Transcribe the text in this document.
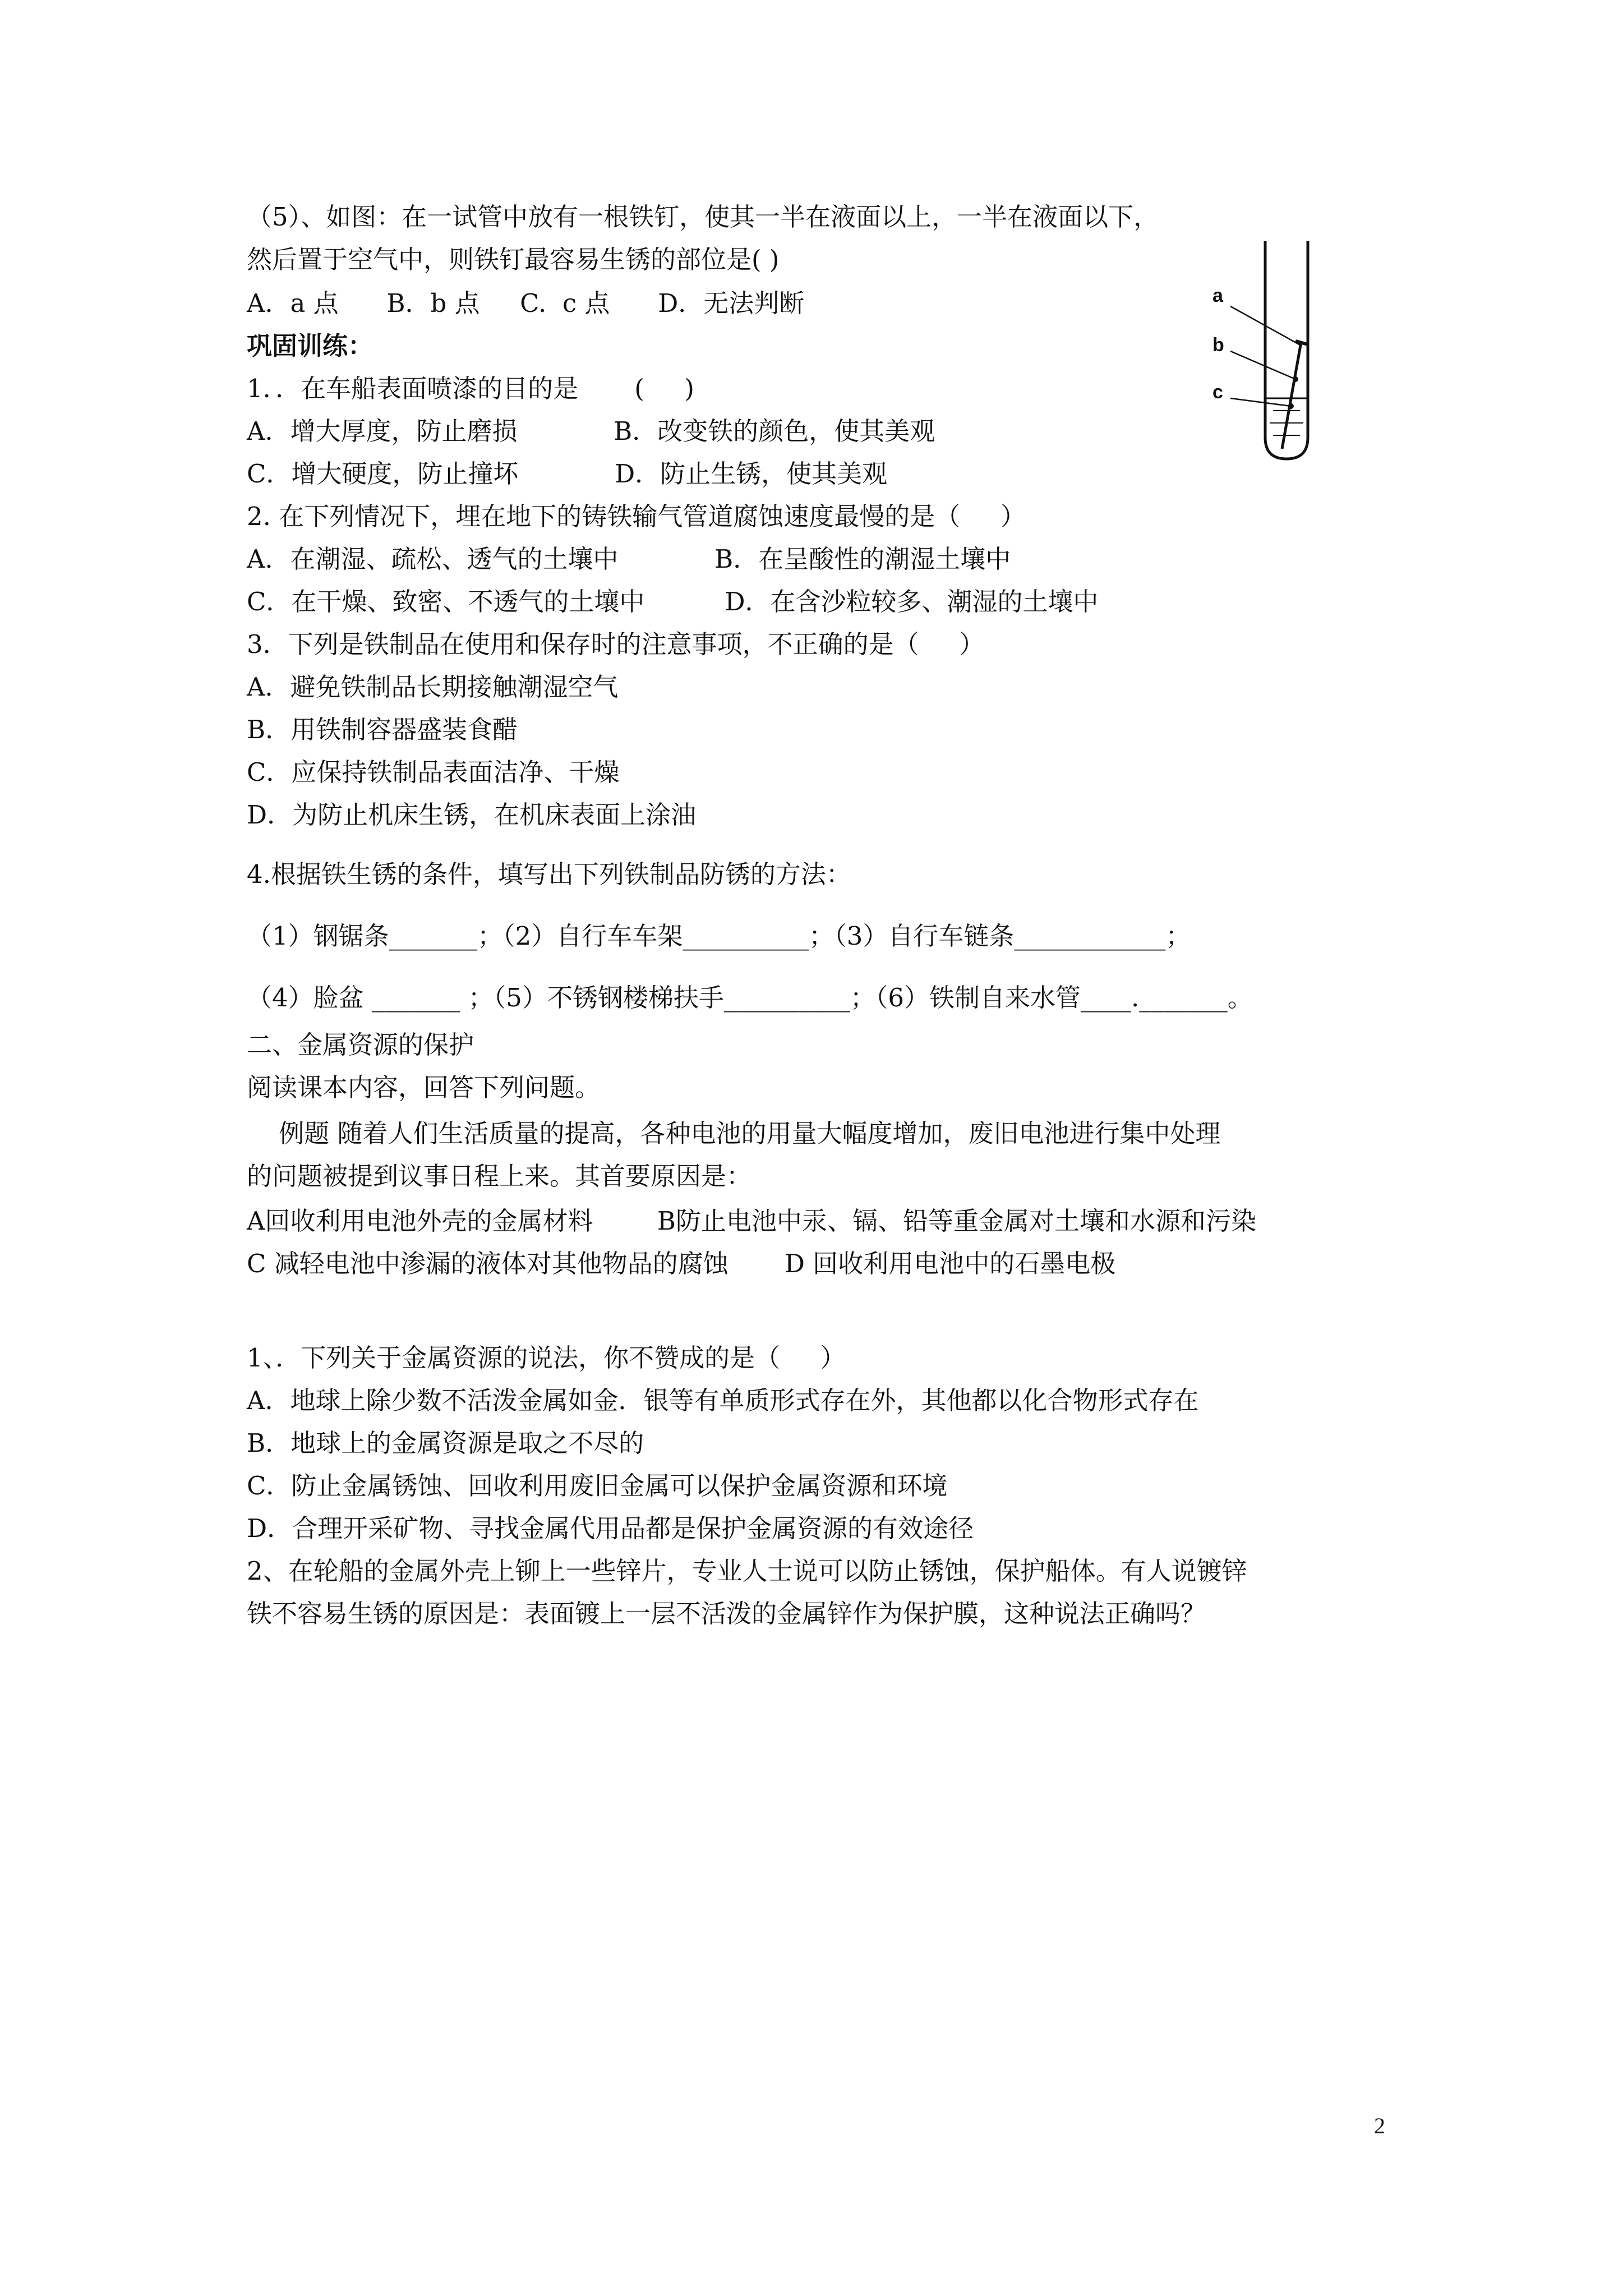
（5）、如图：在一试管中放有一根铁钉，使其一半在液面以上，一半在液面以下，
然后置于空气中，则铁钉最容易生锈的部位是( )
A．a 点      B．b 点     C.  c 点      D．无法判断
巩固训练：
1．．在车船表面喷漆的目的是       (     )
A．增大厚度，防止磨损            B．改变铁的颜色，使其美观
C．增大硬度，防止撞坏            D．防止生锈，使其美观
2. 在下列情况下，埋在地下的铸铁输气管道腐蚀速度最慢的是（     ）
A．在潮湿、疏松、透气的土壤中            B．在呈酸性的潮湿土壤中
C．在干燥、致密、不透气的土壤中          D．在含沙粒较多、潮湿的土壤中
3．下列是铁制品在使用和保存时的注意事项，不正确的是（     ）
A．避免铁制品长期接触潮湿空气
B．用铁制容器盛装食醋
C．应保持铁制品表面洁净、干燥
D．为防止机床生锈，在机床表面上涂油
4.根据铁生锈的条件，填写出下列铁制品防锈的方法：
（1）钢锯条_______；（2）自行车车架__________；（3）自行车链条____________；
（4）脸盆 _______ ；（5）不锈钢楼梯扶手__________；（6）铁制自来水管____._______。
二、金属资源的保护
阅读课本内容，回答下列问题。
例题 随着人们生活质量的提高，各种电池的用量大幅度增加，废旧电池进行集中处理
的问题被提到议事日程上来。其首要原因是：
A回收利用电池外壳的金属材料        B防止电池中汞、镉、铅等重金属对土壤和水源和污染
C 减轻电池中渗漏的液体对其他物品的腐蚀       D 回收利用电池中的石墨电极
1、．下列关于金属资源的说法，你不赞成的是（     ）
A．地球上除少数不活泼金属如金．银等有单质形式存在外，其他都以化合物形式存在
B．地球上的金属资源是取之不尽的
C．防止金属锈蚀、回收利用废旧金属可以保护金属资源和环境
D．合理开采矿物、寻找金属代用品都是保护金属资源的有效途径
2、在轮船的金属外壳上铆上一些锌片，专业人士说可以防止锈蚀，保护船体。有人说镀锌
铁不容易生锈的原因是：表面镀上一层不活泼的金属锌作为保护膜，这种说法正确吗？
a
b
c
2
